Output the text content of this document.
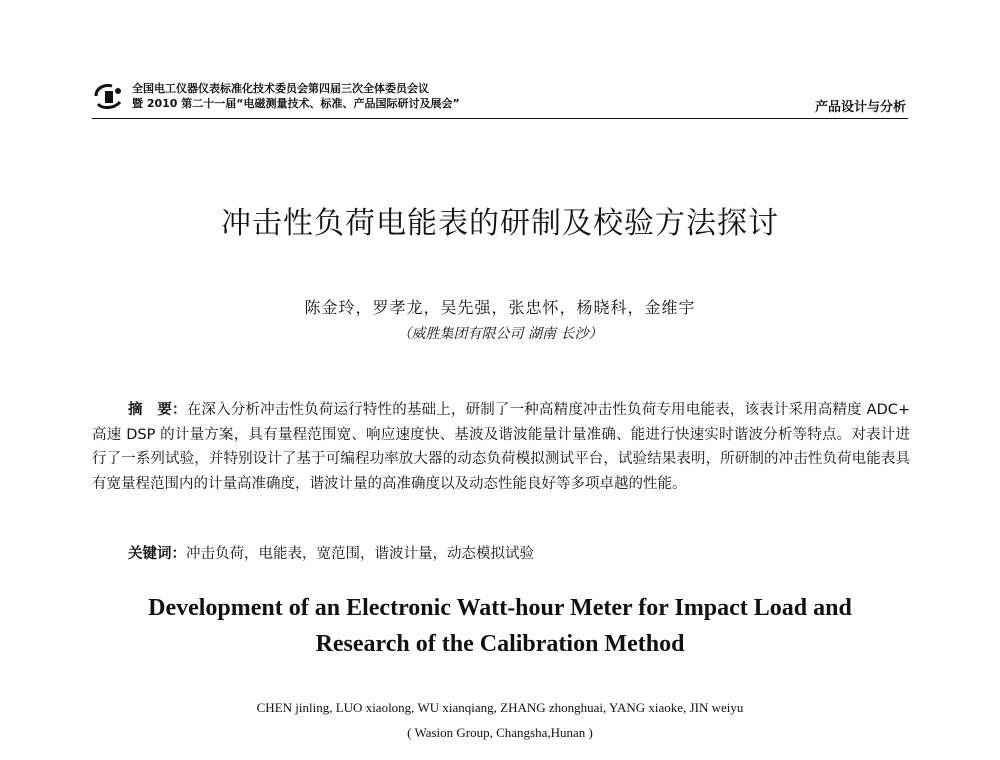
全国电工仪器仪表标准化技术委员会第四届三次全体委员会议
暨 2010 第二十一届“电磁测量技术、标准、产品国际研讨及展会”	产品设计与分析
冲击性负荷电能表的研制及校验方法探讨
陈金玲，罗孝龙，吴先强，张忠怀，杨晓科，金维宇
（威胜集团有限公司 湖南 长沙）

摘　要：在深入分析冲击性负荷运行特性的基础上，研制了一种高精度冲击性负荷专用电能表，该表计采用高精度 ADC+ 高速 DSP 的计量方案，具有量程范围宽、响应速度快、基波及谐波能量计量准确、能进行快速实时谐波分析等特点。对表计进行了一系列试验，并特别设计了基于可编程功率放大器的动态负荷模拟测试平台，试验结果表明，所研制的冲击性负荷电能表具有宽量程范围内的计量高准确度，谐波计量的高准确度以及动态性能良好等多项卓越的性能。

关键词：冲击负荷，电能表，宽范围，谐波计量，动态模拟试验
Development of an Electronic Watt-hour Meter for Impact Load and
Research of the Calibration Method
CHEN jinling, LUO xiaolong, WU xianqiang, ZHANG zhonghuai, YANG xiaoke, JIN weiyu
( Wasion Group, Changsha,Hunan )
